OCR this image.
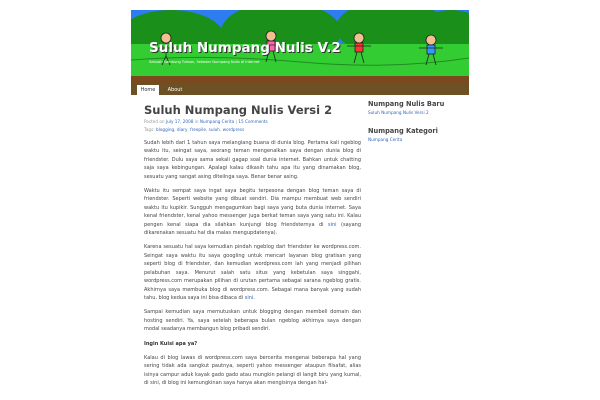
Suluh Numpang Nulis V.2
Sebuah Sambung Tulisan, Sekedar Numpang Nulis di Internet
Home	About
Suluh Numpang Nulis Versi 2
Posted on July 17, 2008 in Numpang Cerita | 15 Comments
Tags: blogging, diary, freepile, suluh, wordpress

Sudah lebih dari 1 tahun saya melanglang buana di dunia blog. Pertama kali ngeblog waktu itu, seingat saya, seorang teman mengenalkan saya dengan dunia blog di friendster. Dulu saya sama sekali gagap soal dunia internet. Bahkan untuk chatting saja saya kebingungan. Apalagi kalau dikasih tahu apa itu yang dinamakan blog, sesuatu yang sangat asing diteilnga saya. Benar benar asing.

Waktu itu sempat saya ingat saya begitu terpesona dengan blog teman saya di friendster. Seperti website yang dibuat sendiri. Dia mampu membuat web sendiri waktu itu kupikir. Sungguh mengagumkan bagi saya yang buta dunia internet. Saya kenal friendster, kenal yahoo messenger juga berkat teman saya yang satu ini. Kalau pengen kenal siapa dia silahkan kunjungi blog friendsternya di sini (sayang dikarenakan sesuatu hal dia malas mengupdatenya).

Karena sesuatu hal saya kemudian pindah ngeblog dari friendster ke wordpress.com. Seingat saya waktu itu saya googling untuk mencari layanan blog gratisan yang seperti blog di friendster, dan kemudian wordpress.com lah yang menjadi pilihan pelabuhan saya. Menurut salah satu situs yang kebetulan saya singgahi, wordpress.com merupakan pilihan di urutan pertama sebagai sarana ngeblog gratis. Akhirnya saya membuka blog di wordpress.com. Sebagai mana banyak yang sudah tahu, blog kedua saya ini bisa dibaca di sini.

Sampai kemudian saya memutuskan untuk blogging dengan membeli domain dan hosting sendiri. Ya, saya setelah beberapa bulan ngeblog akhirnya saya dengan modal seadanya membangun blog pribadi sendiri.

Ingin Kuisi apa ya?

Kalau di blog lawas di wordpress.com saya bercerita mengenai beberapa hal yang sering tidak ada sangkut pautnya, seperti yahoo messenger ataupun filsafat, alias isinya campur aduk kayak gado gado atau mungkin pelangi di langit biru yang kumal, di sini, di blog ini kemungkinan saya hanya akan mengisinya dengan hal-

Numpang Nulis Baru
Suluh Numpang Nulis Versi 2
Numpang Kategori
Numpang Cerita
